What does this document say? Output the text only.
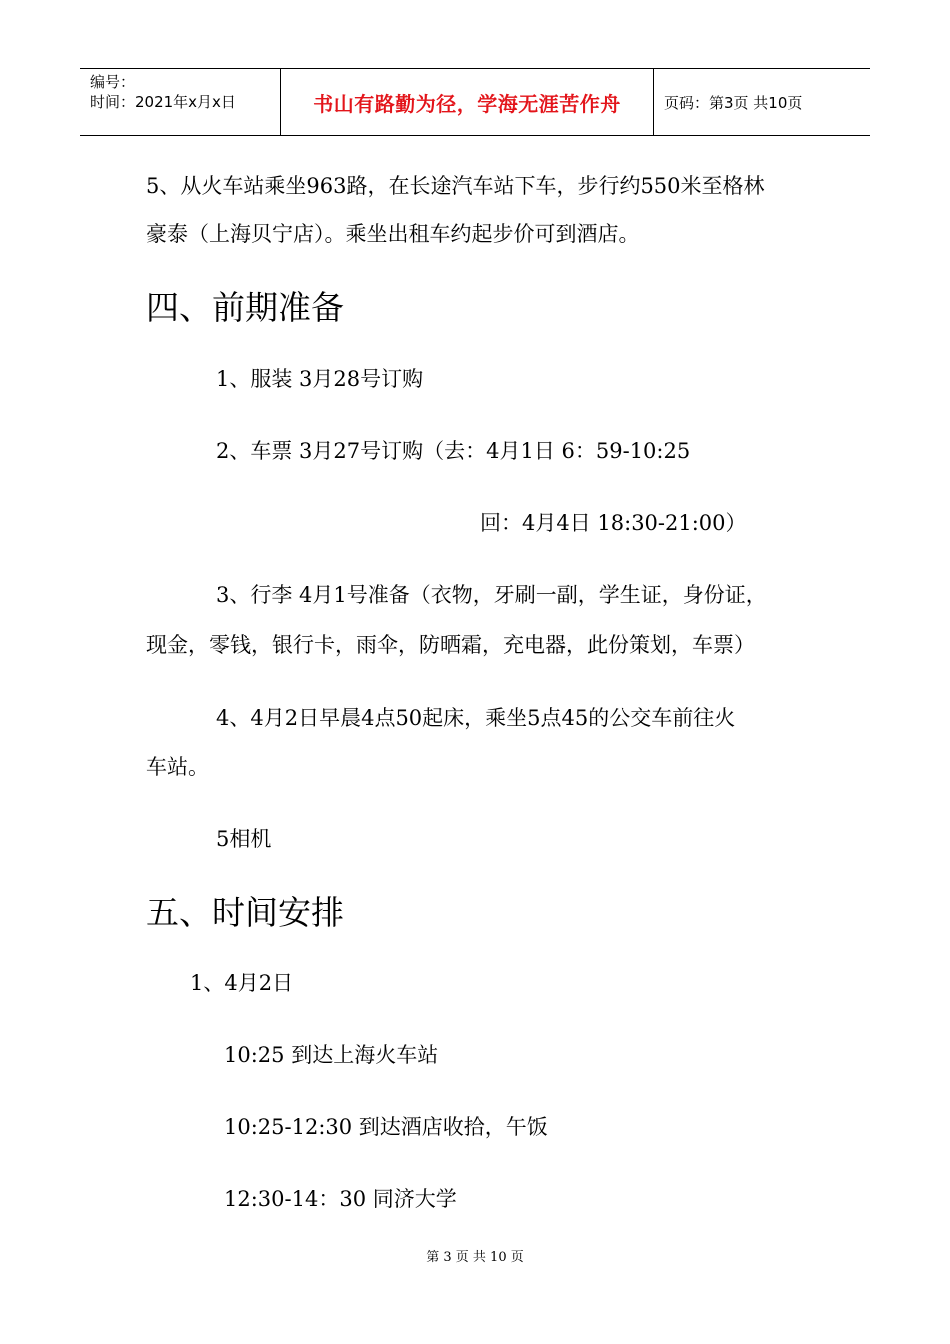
编号：
时间：2021年x月x日	书山有路勤为径，学海无涯苦作舟	页码：第3页 共10页
5、从火车站乘坐963路，在长途汽车站下车，步行约550米至格林
豪泰（上海贝宁店）。乘坐出租车约起步价可到酒店。
四、前期准备
1、服装 3月28号订购
2、车票 3月27号订购（去：4月1日 6：59-10:25
回：4月4日 18:30-21:00）
3、行李 4月1号准备（衣物，牙刷一副，学生证，身份证，
现金，零钱，银行卡，雨伞，防晒霜，充电器，此份策划，车票）
4、4月2日早晨4点50起床，乘坐5点45的公交车前往火
车站。
5相机
五、时间安排
1、4月2日
10:25 到达上海火车站
10:25-12:30 到达酒店收拾，午饭
12:30-14：30 同济大学
第 3 页 共 10 页
